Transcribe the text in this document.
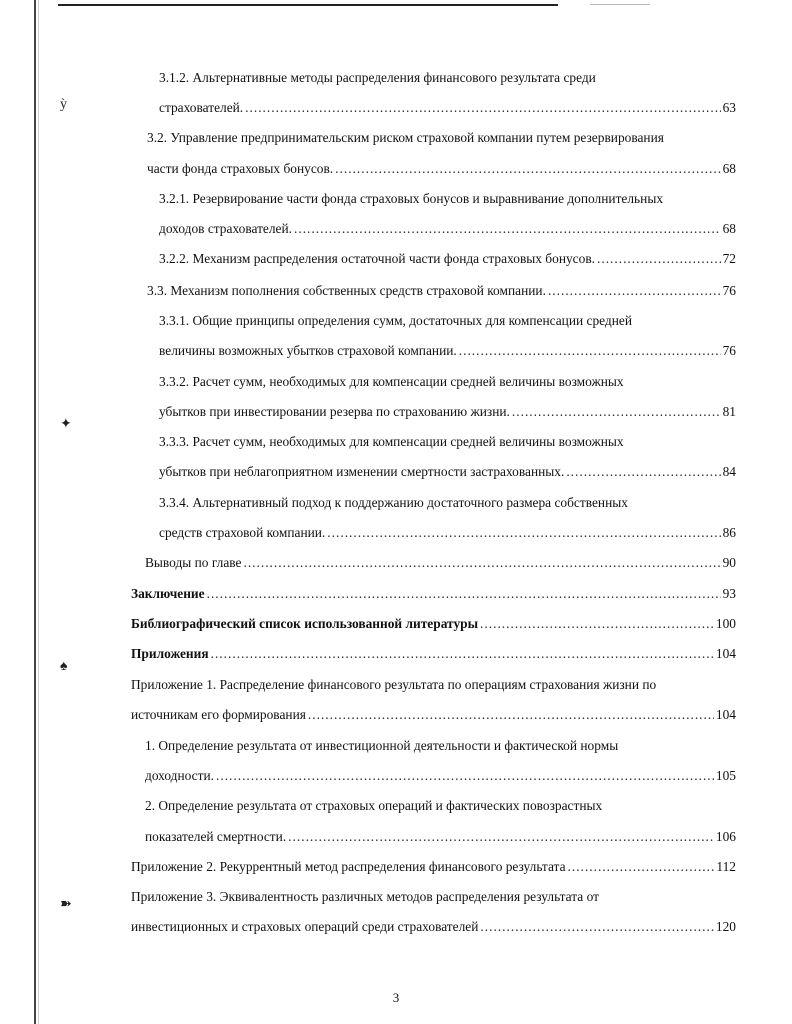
ỳ
✦
♠
➽
3.1.2. Альтернативные методы распределения финансового результата среди
страхователей. .....	63
3.2. Управление предпринимательским риском страховой компании путем резервирования
части фонда страховых бонусов. .....	68
3.2.1. Резервирование части фонда страховых бонусов и выравнивание дополнительных
доходов страхователей. .....	68
3.2.2. Механизм распределения остаточной части фонда страховых бонусов. .....	72
3.3. Механизм пополнения собственных средств страховой компании. .....	76
3.3.1. Общие принципы определения сумм, достаточных для компенсации средней
величины возможных убытков страховой компании. .....	76
3.3.2. Расчет сумм, необходимых для компенсации средней величины возможных
убытков при инвестировании резерва по страхованию жизни. .....	81
3.3.3. Расчет сумм, необходимых для компенсации средней величины возможных
убытков при неблагоприятном изменении смертности застрахованных. .....	84
3.3.4. Альтернативный подход к поддержанию достаточного размера собственных
средств страховой компании. .....	86
Выводы по главе .....	90
Заключение .....	93
Библиографический список использованной литературы .....	100
Приложения .....	104
Приложение 1. Распределение финансового результата по операциям страхования жизни по
источникам его формирования .....	104
1. Определение результата от инвестиционной деятельности и фактической нормы
доходности. .....	105
2. Определение результата от страховых операций и фактических повозрастных
показателей смертности. .....	106
Приложение 2. Рекуррентный метод распределения финансового результата .....	112
Приложение 3. Эквивалентность различных методов распределения результата от
инвестиционных и страховых операций среди страхователей .....	120
3
